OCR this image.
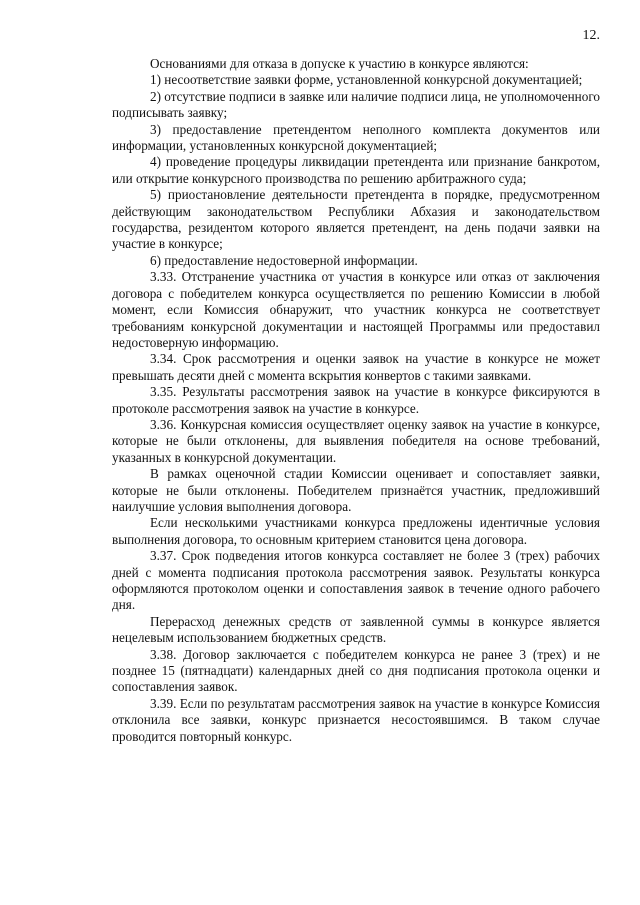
12.

Основаниями для отказа в допуске к участию в конкурсе являются:

1) несоответствие заявки форме, установленной конкурсной документацией;

2) отсутствие подписи в заявке или наличие подписи лица, не уполномоченного подписывать заявку;

3) предоставление претендентом неполного комплекта документов или информации, установленных конкурсной документацией;

4) проведение процедуры ликвидации претендента или признание банкротом, или открытие конкурсного производства по решению арбитражного суда;

5) приостановление деятельности претендента в порядке, предусмотренном действующим законодательством Республики Абхазия и законодательством государства, резидентом которого является претендент, на день подачи заявки на участие в конкурсе;

6) предоставление недостоверной информации.

3.33. Отстранение участника от участия в конкурсе или отказ от заключения договора с победителем конкурса осуществляется по решению Комиссии в любой момент, если Комиссия обнаружит, что участник конкурса не соответствует требованиям конкурсной документации и настоящей Программы или предоставил недостоверную информацию.

3.34. Срок рассмотрения и оценки заявок на участие в конкурсе не может превышать десяти дней с момента вскрытия конвертов с такими заявками.

3.35. Результаты рассмотрения заявок на участие в конкурсе фиксируются в протоколе рассмотрения заявок на участие в конкурсе.

3.36. Конкурсная комиссия осуществляет оценку заявок на участие в конкурсе, которые не были отклонены, для выявления победителя на основе требований, указанных в конкурсной документации.

В рамках оценочной стадии Комиссии оценивает и сопоставляет заявки, которые не были отклонены. Победителем признаётся участник, предложивший наилучшие условия выполнения договора.

Если несколькими участниками конкурса предложены идентичные условия выполнения договора, то основным критерием становится цена договора.

3.37. Срок подведения итогов конкурса составляет не более 3 (трех) рабочих дней с момента подписания протокола рассмотрения заявок. Результаты конкурса оформляются протоколом оценки и сопоставления заявок в течение одного рабочего дня.

Перерасход денежных средств от заявленной суммы в конкурсе является нецелевым использованием бюджетных средств.

3.38. Договор заключается с победителем конкурса не ранее 3 (трех) и не позднее 15 (пятнадцати) календарных дней со дня подписания протокола оценки и сопоставления заявок.

3.39. Если по результатам рассмотрения заявок на участие в конкурсе Комиссия отклонила все заявки, конкурс признается несостоявшимся. В таком случае проводится повторный конкурс.
